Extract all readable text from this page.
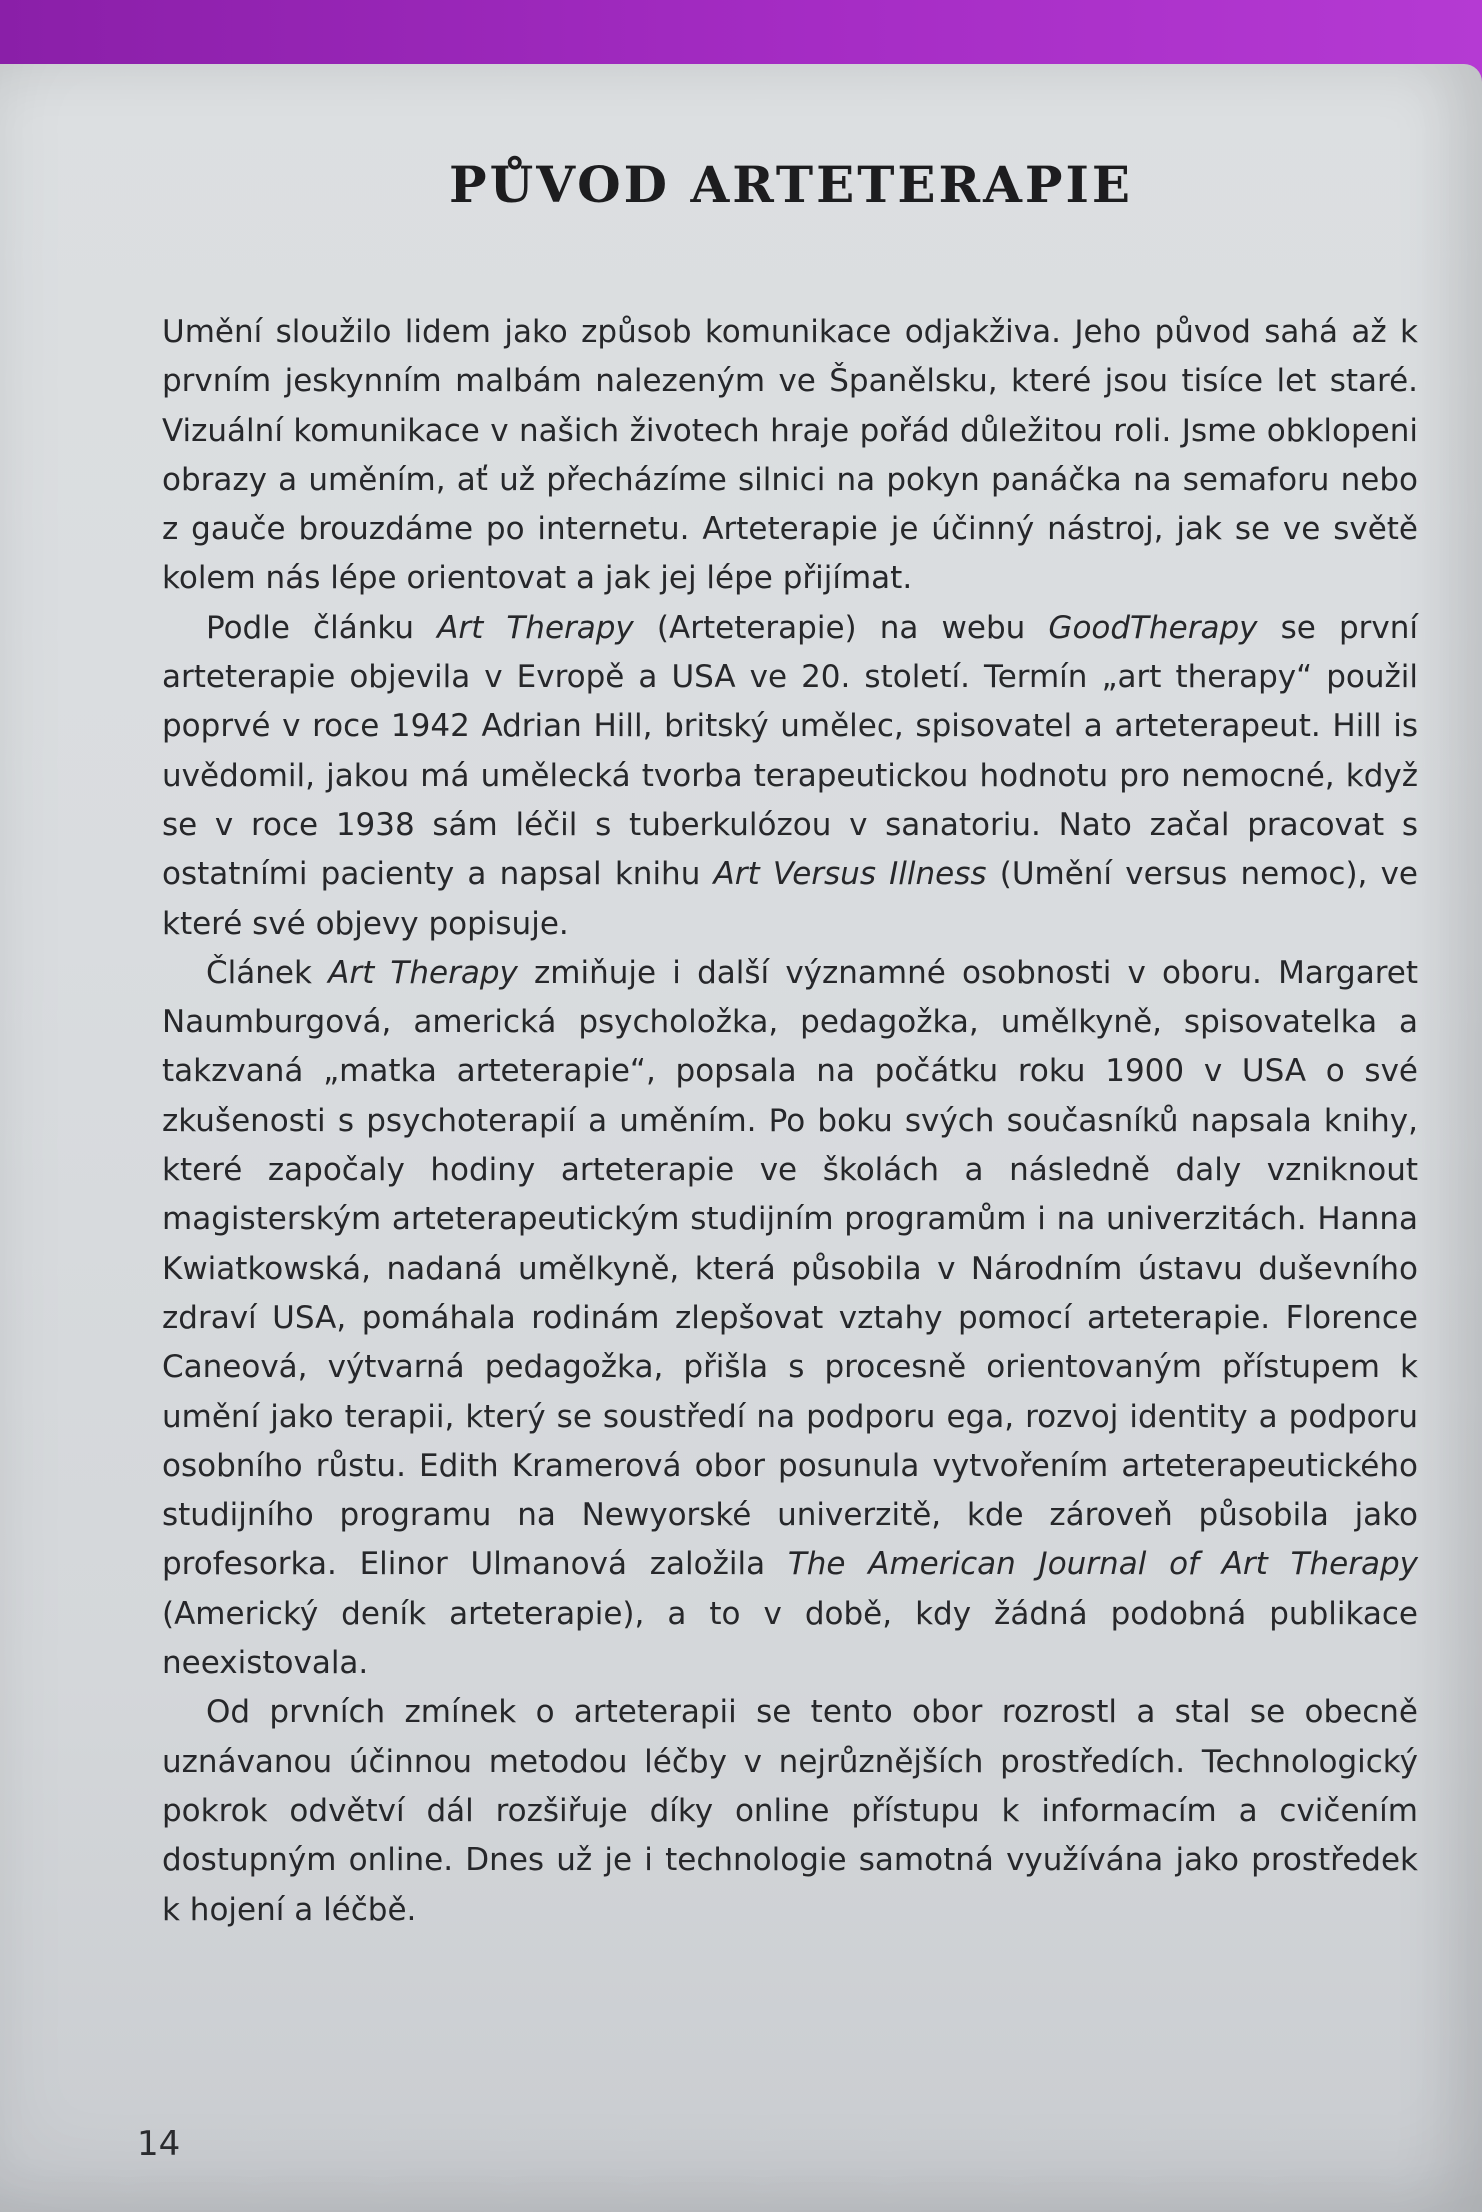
PŮVOD ARTETERAPIE

Umění sloužilo lidem jako způsob komunikace odjakživa. Jeho původ sahá až k prvním jeskynním malbám nalezeným ve Španělsku, které jsou tisíce let staré. Vizuální komunikace v našich životech hraje pořád důležitou roli. Jsme obklopeni obrazy a uměním, ať už přecházíme silnici na pokyn panáčka na semaforu nebo z gauče brouzdáme po internetu. Arteterapie je účinný nástroj, jak se ve světě kolem nás lépe orientovat a jak jej lépe přijímat.

Podle článku Art Therapy (Arteterapie) na webu GoodTherapy se první arteterapie objevila v Evropě a USA ve 20. století. Termín „art therapy“ použil poprvé v roce 1942 Adrian Hill, britský umělec, spisovatel a arteterapeut. Hill is uvědomil, jakou má umělecká tvorba terapeutickou hodnotu pro nemocné, když se v roce 1938 sám léčil s tuberkulózou v sanatoriu. Nato začal pracovat s ostatními pacienty a napsal knihu Art Versus Illness (Umění versus nemoc), ve které své objevy popisuje.

Článek Art Therapy zmiňuje i další významné osobnosti v oboru. Margaret Naumburgová, americká psycholožka, pedagožka, umělkyně, spisovatelka a takzvaná „matka arteterapie“, popsala na počátku roku 1900 v USA o své zkušenosti s psychoterapií a uměním. Po boku svých současníků napsala knihy, které započaly hodiny arteterapie ve školách a následně daly vzniknout magisterským arteterapeutickým studijním programům i na univerzitách. Hanna Kwiatkowská, nadaná umělkyně, která působila v Národním ústavu duševního zdraví USA, pomáhala rodinám zlepšovat vztahy pomocí arteterapie. Florence Caneová, výtvarná pedagožka, přišla s procesně orientovaným přístupem k umění jako terapii, který se soustředí na podporu ega, rozvoj identity a podporu osobního růstu. Edith Kramerová obor posunula vytvořením arteterapeutického studijního programu na Newyorské univerzitě, kde zároveň působila jako profesorka. Elinor Ulmanová založila The American Journal of Art Therapy (Americký deník arteterapie), a to v době, kdy žádná podobná publikace neexistovala.

Od prvních zmínek o arteterapii se tento obor rozrostl a stal se obecně uznávanou účinnou metodou léčby v nejrůznějších prostředích. Technologický pokrok odvětví dál rozšiřuje díky online přístupu k informacím a cvičením dostupným online. Dnes už je i technologie samotná využívána jako prostředek k hojení a léčbě.

14
